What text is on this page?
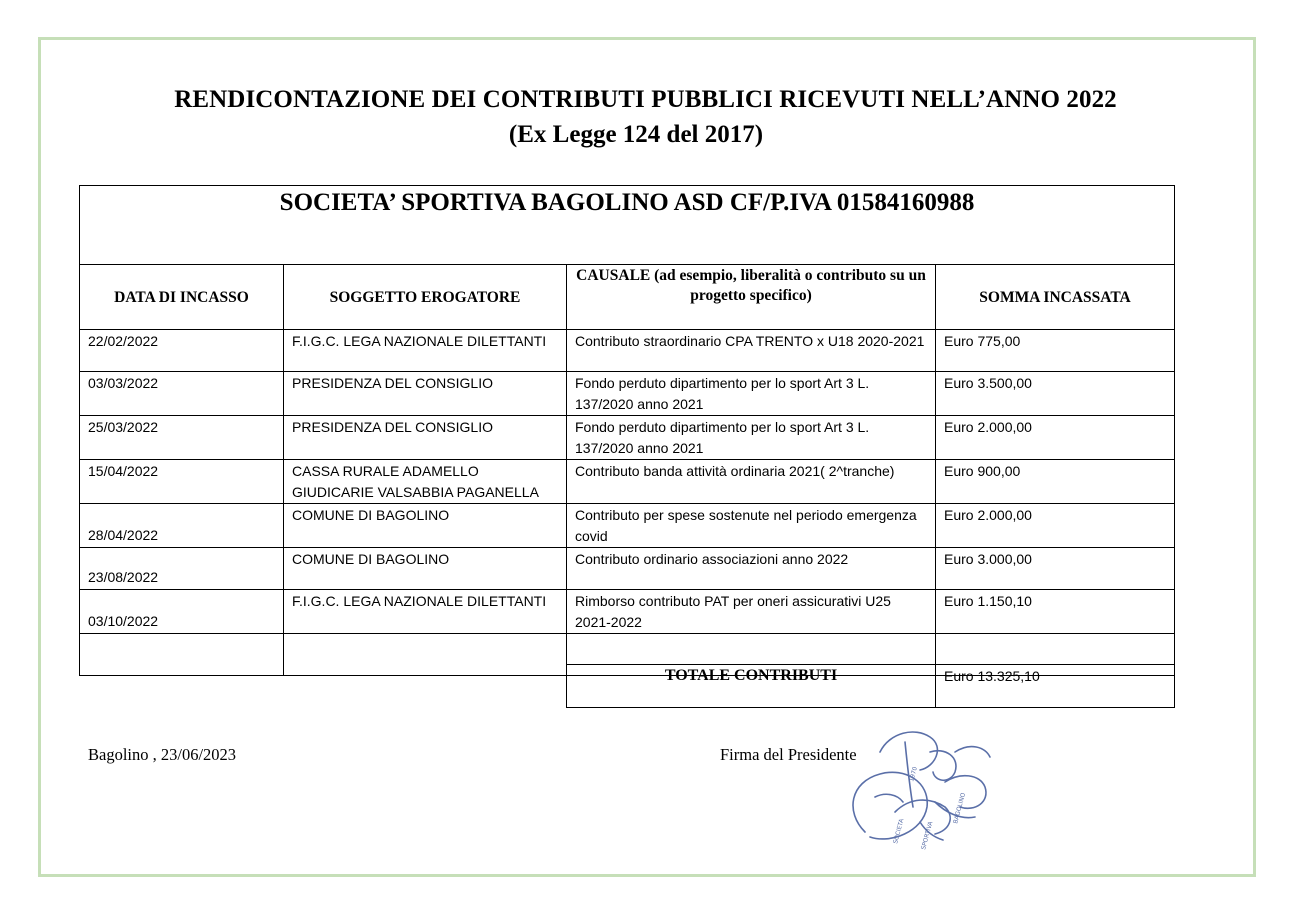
RENDICONTAZIONE DEI CONTRIBUTI PUBBLICI RICEVUTI NELL’ANNO 2022
(Ex Legge 124 del 2017)
SOCIETA’ SPORTIVA BAGOLINO ASD CF/P.IVA 01584160988			

DATA DI INCASSO	SOGGETTO EROGATORE	CAUSALE (ad esempio, liberalità o contributo su un progetto specifico)	SOMMA INCASSATA

22/02/2022	F.I.G.C. LEGA NAZIONALE DILETTANTI	Contributo straordinario CPA TRENTO x U18 2020-2021	Euro 775,00
03/03/2022	PRESIDENZA DEL CONSIGLIO	Fondo perduto dipartimento per lo sport Art 3 L. 137/2020 anno 2021	Euro 3.500,00
25/03/2022	PRESIDENZA DEL CONSIGLIO	Fondo perduto dipartimento per lo sport Art 3 L. 137/2020 anno 2021	Euro 2.000,00
15/04/2022	CASSA RURALE ADAMELLO GIUDICARIE VALSABBIA PAGANELLA	Contributo banda attività ordinaria 2021( 2^tranche)	Euro 900,00
28/04/2022	COMUNE DI BAGOLINO	Contributo per spese sostenute nel periodo emergenza covid	Euro 2.000,00
23/08/2022	COMUNE DI BAGOLINO	Contributo ordinario associazioni anno 2022	Euro 3.000,00
03/10/2022	F.I.G.C. LEGA NAZIONALE DILETTANTI	Rimborso contributo PAT per oneri assicurativi U25 2021-2022	Euro 1.150,10

TOTALE CONTRIBUTI	Euro 13.325,10
Bagolino , 23/06/2023	Firma del Presidente
SOCIETA SPORTIVA
BAGOLINO
1970
